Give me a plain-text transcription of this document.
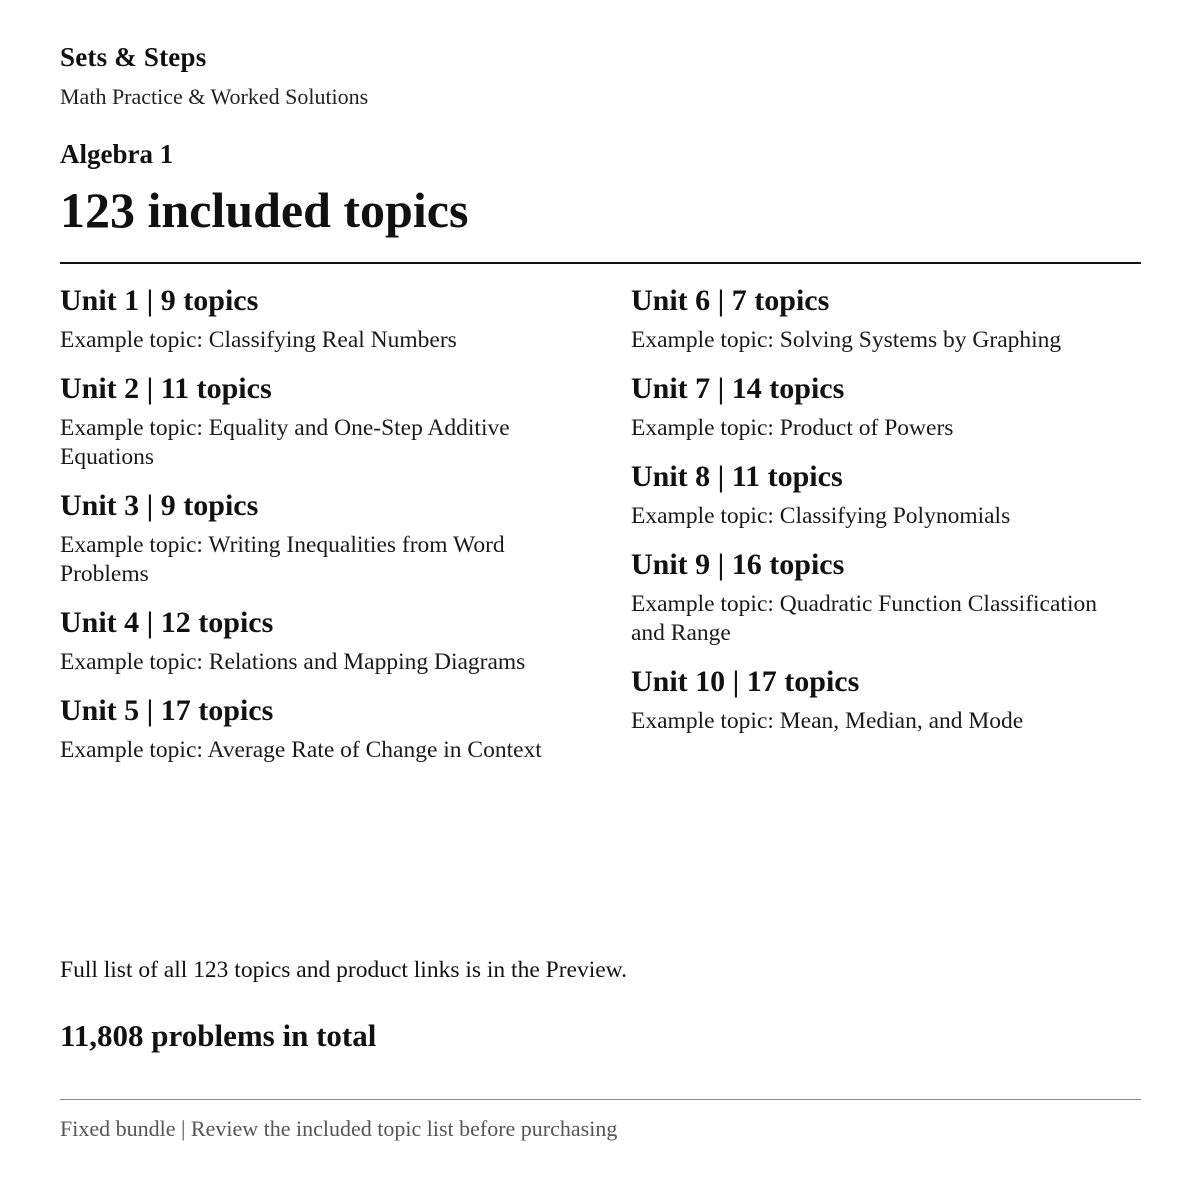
Sets & Steps
Math Practice & Worked Solutions
Algebra 1
123 included topics
Unit 1 | 9 topics
Example topic: Classifying Real Numbers
Unit 2 | 11 topics
Example topic: Equality and One-Step Additive Equations
Unit 3 | 9 topics
Example topic: Writing Inequalities from Word Problems
Unit 4 | 12 topics
Example topic: Relations and Mapping Diagrams
Unit 5 | 17 topics
Example topic: Average Rate of Change in Context
Unit 6 | 7 topics
Example topic: Solving Systems by Graphing
Unit 7 | 14 topics
Example topic: Product of Powers
Unit 8 | 11 topics
Example topic: Classifying Polynomials
Unit 9 | 16 topics
Example topic: Quadratic Function Classification and Range
Unit 10 | 17 topics
Example topic: Mean, Median, and Mode
Full list of all 123 topics and product links is in the Preview.
11,808 problems in total
Fixed bundle | Review the included topic list before purchasing
